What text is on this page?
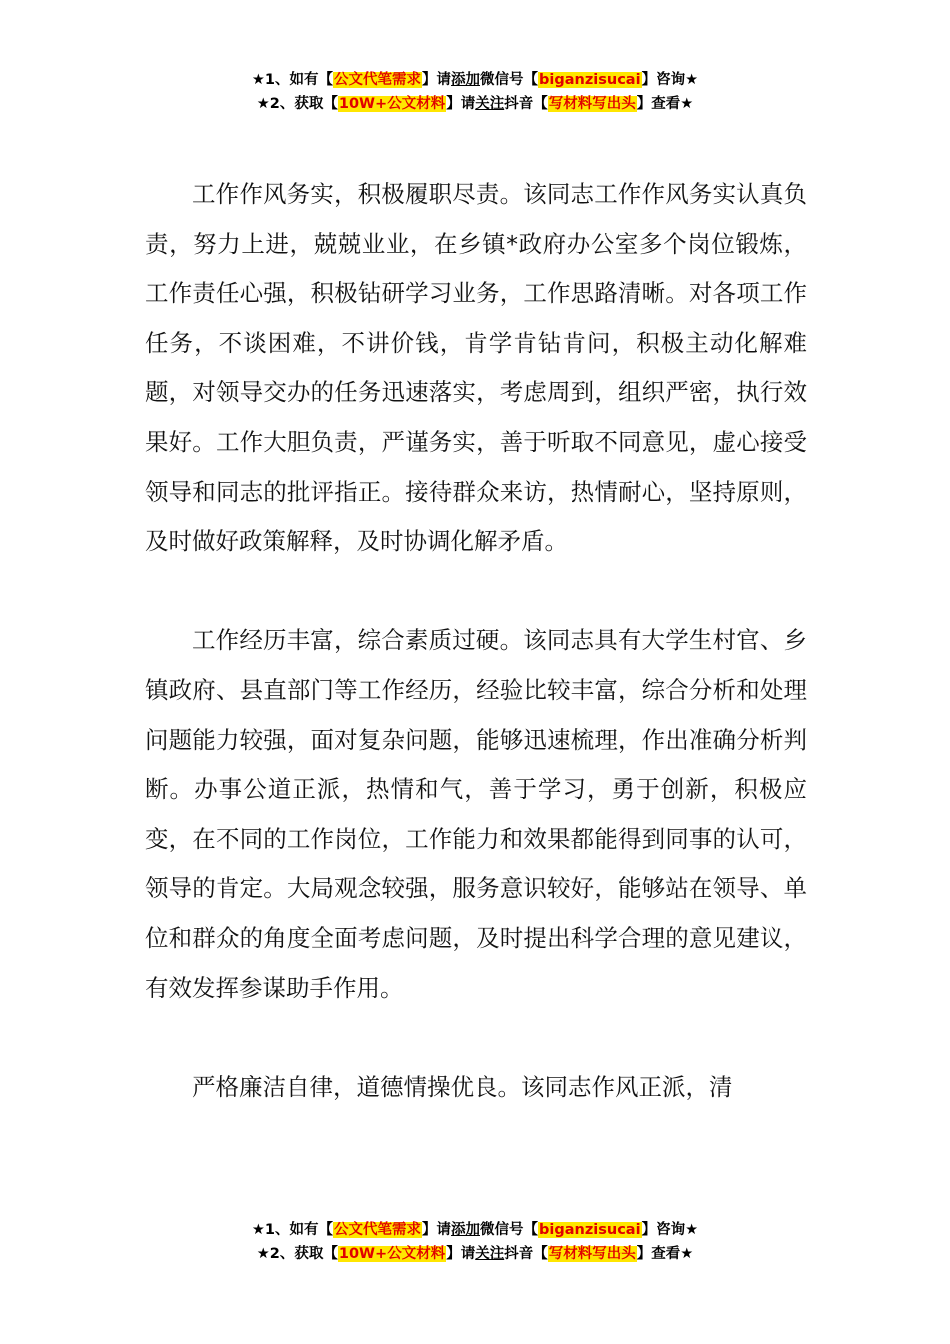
★1、如有【公文代笔需求】请添加微信号【biganzisucai】咨询★
★2、获取【10W+公文材料】请关注抖音【写材料写出头】查看★

工作作风务实，积极履职尽责。该同志工作作风务实认真负责，努力上进，兢兢业业，在乡镇*政府办公室多个岗位锻炼，工作责任心强，积极钻研学习业务，工作思路清晰。对各项工作任务，不谈困难，不讲价钱，肯学肯钻肯问，积极主动化解难题，对领导交办的任务迅速落实，考虑周到，组织严密，执行效果好。工作大胆负责，严谨务实，善于听取不同意见，虚心接受领导和同志的批评指正。接待群众来访，热情耐心，坚持原则，及时做好政策解释，及时协调化解矛盾。

工作经历丰富，综合素质过硬。该同志具有大学生村官、乡镇政府、县直部门等工作经历，经验比较丰富，综合分析和处理问题能力较强，面对复杂问题，能够迅速梳理，作出准确分析判断。办事公道正派，热情和气，善于学习，勇于创新，积极应变，在不同的工作岗位，工作能力和效果都能得到同事的认可，领导的肯定。大局观念较强，服务意识较好，能够站在领导、单位和群众的角度全面考虑问题，及时提出科学合理的意见建议，有效发挥参谋助手作用。

严格廉洁自律，道德情操优良。该同志作风正派，清

★1、如有【公文代笔需求】请添加微信号【biganzisucai】咨询★
★2、获取【10W+公文材料】请关注抖音【写材料写出头】查看★
